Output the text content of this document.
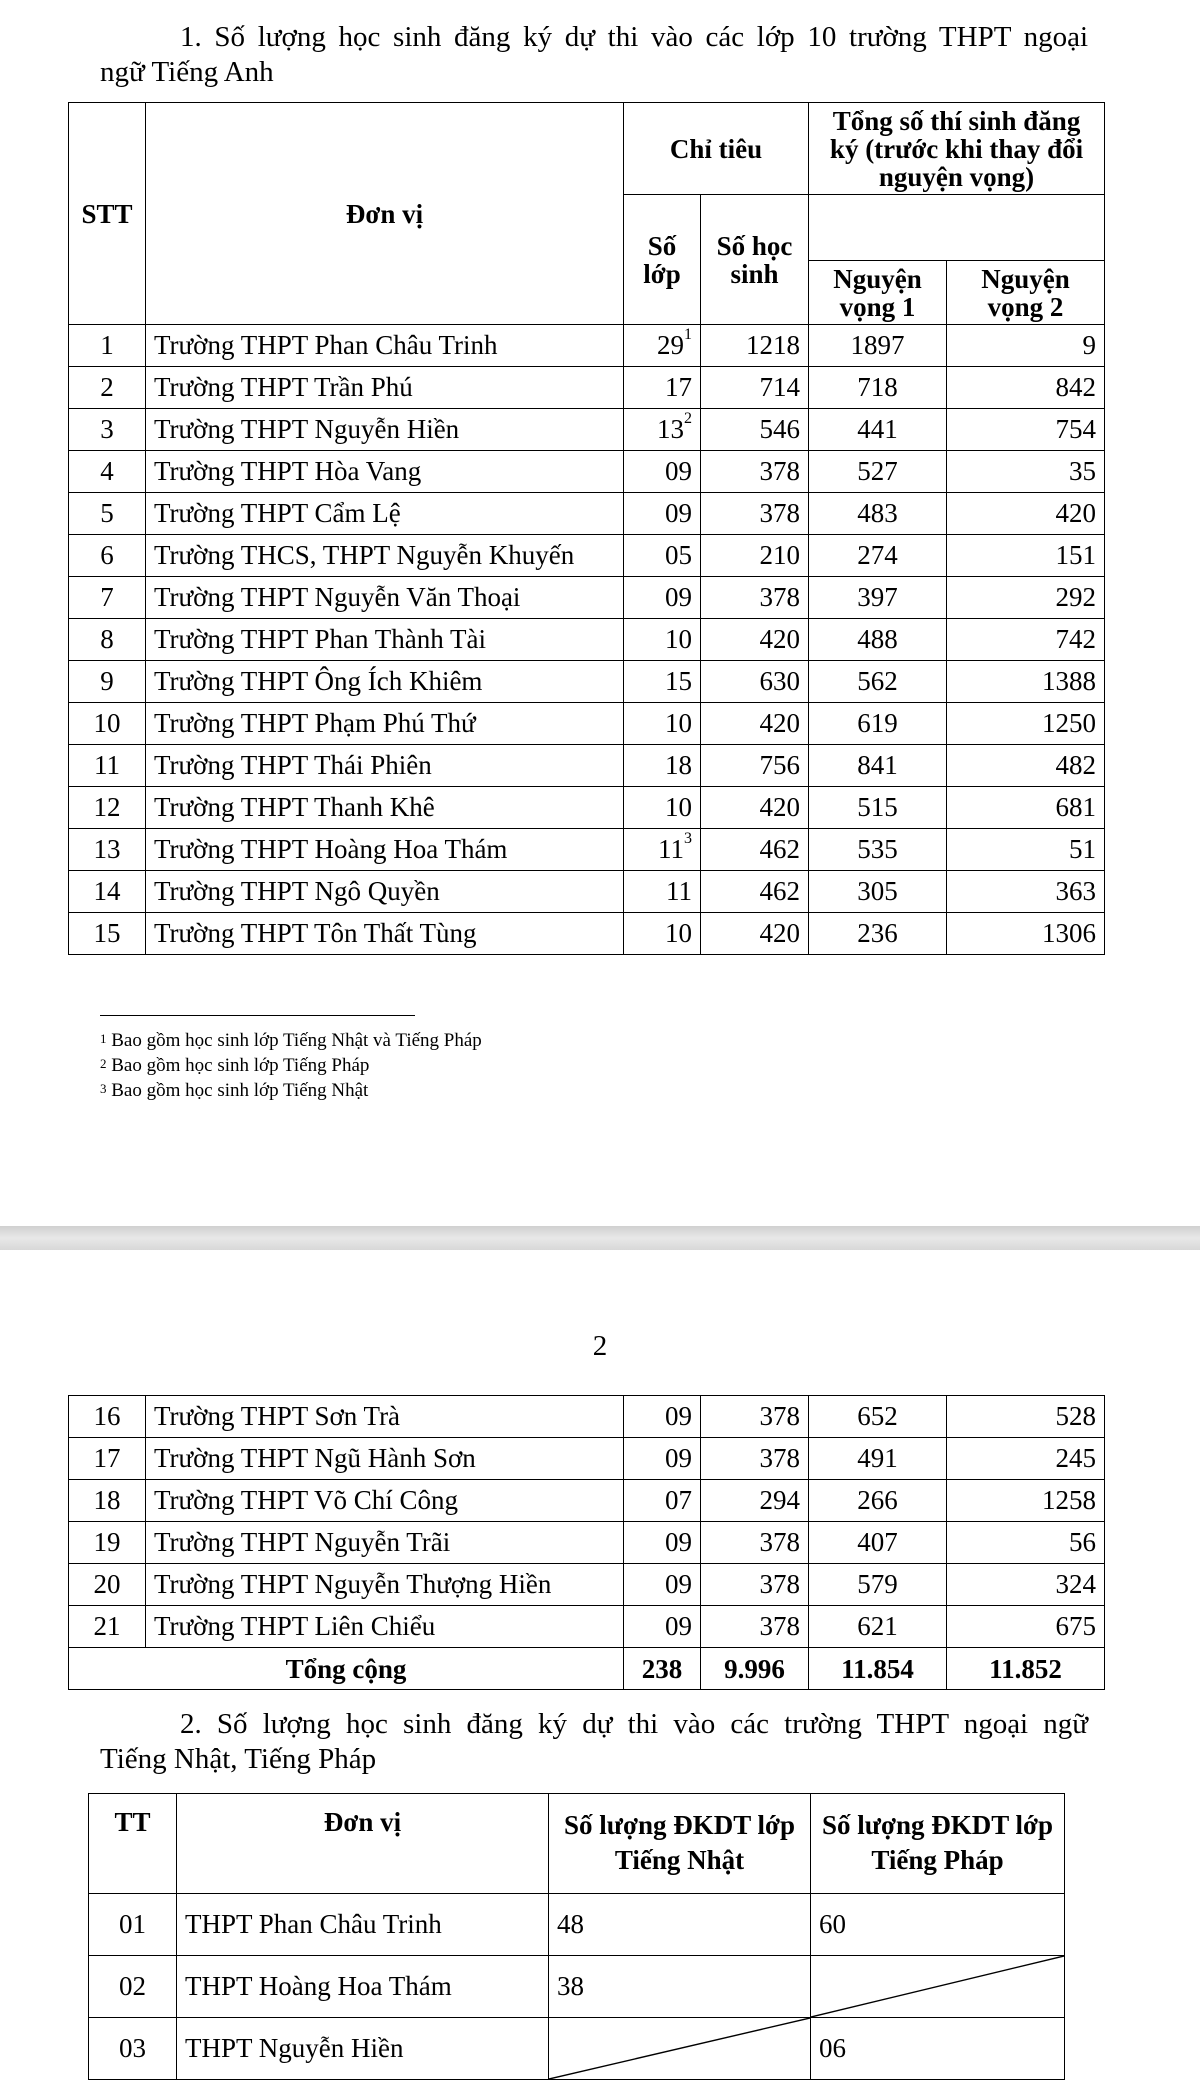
1. Số lượng học sinh đăng ký dự thi vào các lớp 10 trường THPT ngoại
ngữ Tiếng Anh

STT	Đơn vị	Chỉ tiêu		Tổng số thí sinh đăng ký (trước khi thay đổi nguyện vọng)	
		Số lớp	Số học sinh		
				Nguyện vọng 1	Nguyện vọng 2
1	Trường THPT Phan Châu Trinh	$29^1$	1218	1897	9
2	Trường THPT Trần Phú	17	714	718	842
3	Trường THPT Nguyễn Hiền	$13^2$	546	441	754
4	Trường THPT Hòa Vang	09	378	527	35
5	Trường THPT Cẩm Lệ	09	378	483	420
6	Trường THCS, THPT Nguyễn Khuyến	05	210	274	151
7	Trường THPT Nguyễn Văn Thoại	09	378	397	292
8	Trường THPT Phan Thành Tài	10	420	488	742
9	Trường THPT Ông Ích Khiêm	15	630	562	1388
10	Trường THPT Phạm Phú Thứ	10	420	619	1250
11	Trường THPT Thái Phiên	18	756	841	482
12	Trường THPT Thanh Khê	10	420	515	681
13	Trường THPT Hoàng Hoa Thám	$11^3$	462	535	51
14	Trường THPT Ngô Quyền	11	462	305	363
15	Trường THPT Tôn Thất Tùng	10	420	236	1306
$^1$ Bao gồm học sinh lớp Tiếng Nhật và Tiếng Pháp
$^2$ Bao gồm học sinh lớp Tiếng Pháp
$^3$ Bao gồm học sinh lớp Tiếng Nhật
2
16	Trường THPT Sơn Trà	09	378	652	528
17	Trường THPT Ngũ Hành Sơn	09	378	491	245
18	Trường THPT Võ Chí Công	07	294	266	1258
19	Trường THPT Nguyễn Trãi	09	378	407	56
20	Trường THPT Nguyễn Thượng Hiền	09	378	579	324
21	Trường THPT Liên Chiểu	09	378	621	675
Tổng cộng		238	9.996	11.854	11.852

2. Số lượng học sinh đăng ký dự thi vào các trường THPT ngoại ngữ
Tiếng Nhật, Tiếng Pháp

TT	Đơn vị	Số lượng ĐKDT lớp Tiếng Nhật	Số lượng ĐKDT lớp Tiếng Pháp
01	THPT Phan Châu Trinh	48	60
02	THPT Hoàng Hoa Thám	38	

03	THPT Nguyễn Hiền		06
